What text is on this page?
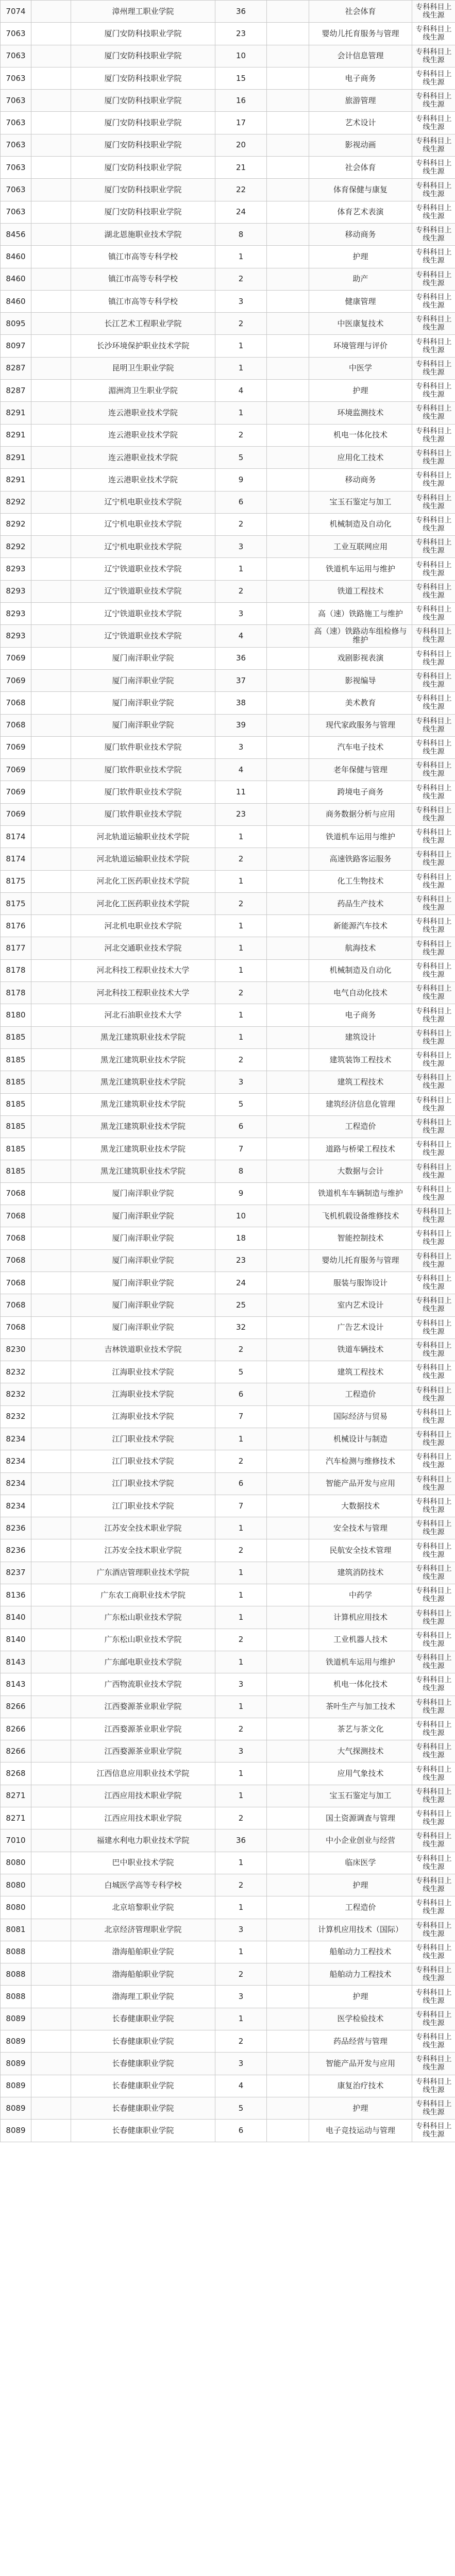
7074		漳州理工职业学院	36		社会体育	专科科目上线生源
7063		厦门安防科技职业学院	23		婴幼儿托育服务与管理	专科科目上线生源
7063		厦门安防科技职业学院	10		会计信息管理	专科科目上线生源
7063		厦门安防科技职业学院	15		电子商务	专科科目上线生源
7063		厦门安防科技职业学院	16		旅游管理	专科科目上线生源
7063		厦门安防科技职业学院	17		艺术设计	专科科目上线生源
7063		厦门安防科技职业学院	20		影视动画	专科科目上线生源
7063		厦门安防科技职业学院	21		社会体育	专科科目上线生源
7063		厦门安防科技职业学院	22		体育保健与康复	专科科目上线生源
7063		厦门安防科技职业学院	24		体育艺术表演	专科科目上线生源
8456		湖北恩施职业技术学院	8		移动商务	专科科目上线生源
8460		镇江市高等专科学校	1		护理	专科科目上线生源
8460		镇江市高等专科学校	2		助产	专科科目上线生源
8460		镇江市高等专科学校	3		健康管理	专科科目上线生源
8095		长江艺术工程职业学院	2		中医康复技术	专科科目上线生源
8097		长沙环境保护职业技术学院	1		环境管理与评价	专科科目上线生源
8287		昆明卫生职业学院	1		中医学	专科科目上线生源
8287		湄洲湾卫生职业学院	4		护理	专科科目上线生源
8291		连云港职业技术学院	1		环境监测技术	专科科目上线生源
8291		连云港职业技术学院	2		机电一体化技术	专科科目上线生源
8291		连云港职业技术学院	5		应用化工技术	专科科目上线生源
8291		连云港职业技术学院	9		移动商务	专科科目上线生源
8292		辽宁机电职业技术学院	6		宝玉石鉴定与加工	专科科目上线生源
8292		辽宁机电职业技术学院	2		机械制造及自动化	专科科目上线生源
8292		辽宁机电职业技术学院	3		工业互联网应用	专科科目上线生源
8293		辽宁铁道职业技术学院	1		铁道机车运用与维护	专科科目上线生源
8293		辽宁铁道职业技术学院	2		铁道工程技术	专科科目上线生源
8293		辽宁铁道职业技术学院	3		高（速）铁路施工与维护	专科科目上线生源
8293		辽宁铁道职业技术学院	4		高（速）铁路动车组检修与维护	专科科目上线生源
7069		厦门南洋职业学院	36		戏剧影视表演	专科科目上线生源
7069		厦门南洋职业学院	37		影视编导	专科科目上线生源
7068		厦门南洋职业学院	38		美术教育	专科科目上线生源
7068		厦门南洋职业学院	39		现代家政服务与管理	专科科目上线生源
7069		厦门软件职业技术学院	3		汽车电子技术	专科科目上线生源
7069		厦门软件职业技术学院	4		老年保健与管理	专科科目上线生源
7069		厦门软件职业技术学院	11		跨境电子商务	专科科目上线生源
7069		厦门软件职业技术学院	23		商务数据分析与应用	专科科目上线生源
8174		河北轨道运输职业技术学院	1		铁道机车运用与维护	专科科目上线生源
8174		河北轨道运输职业技术学院	2		高速铁路客运服务	专科科目上线生源
8175		河北化工医药职业技术学院	1		化工生物技术	专科科目上线生源
8175		河北化工医药职业技术学院	2		药品生产技术	专科科目上线生源
8176		河北机电职业技术学院	1		新能源汽车技术	专科科目上线生源
8177		河北交通职业技术学院	1		航海技术	专科科目上线生源
8178		河北科技工程职业技术大学	1		机械制造及自动化	专科科目上线生源
8178		河北科技工程职业技术大学	2		电气自动化技术	专科科目上线生源
8180		河北石油职业技术大学	1		电子商务	专科科目上线生源
8185		黑龙江建筑职业技术学院	1		建筑设计	专科科目上线生源
8185		黑龙江建筑职业技术学院	2		建筑装饰工程技术	专科科目上线生源
8185		黑龙江建筑职业技术学院	3		建筑工程技术	专科科目上线生源
8185		黑龙江建筑职业技术学院	5		建筑经济信息化管理	专科科目上线生源
8185		黑龙江建筑职业技术学院	6		工程造价	专科科目上线生源
8185		黑龙江建筑职业技术学院	7		道路与桥梁工程技术	专科科目上线生源
8185		黑龙江建筑职业技术学院	8		大数据与会计	专科科目上线生源
7068		厦门南洋职业学院	9		铁道机车车辆制造与维护	专科科目上线生源
7068		厦门南洋职业学院	10		飞机机载设备维修技术	专科科目上线生源
7068		厦门南洋职业学院	18		智能控制技术	专科科目上线生源
7068		厦门南洋职业学院	23		婴幼儿托育服务与管理	专科科目上线生源
7068		厦门南洋职业学院	24		服装与服饰设计	专科科目上线生源
7068		厦门南洋职业学院	25		室内艺术设计	专科科目上线生源
7068		厦门南洋职业学院	32		广告艺术设计	专科科目上线生源
8230		吉林铁道职业技术学院	2		铁道车辆技术	专科科目上线生源
8232		江海职业技术学院	5		建筑工程技术	专科科目上线生源
8232		江海职业技术学院	6		工程造价	专科科目上线生源
8232		江海职业技术学院	7		国际经济与贸易	专科科目上线生源
8234		江门职业技术学院	1		机械设计与制造	专科科目上线生源
8234		江门职业技术学院	2		汽车检测与维修技术	专科科目上线生源
8234		江门职业技术学院	6		智能产品开发与应用	专科科目上线生源
8234		江门职业技术学院	7		大数据技术	专科科目上线生源
8236		江苏安全技术职业学院	1		安全技术与管理	专科科目上线生源
8236		江苏安全技术职业学院	2		民航安全技术管理	专科科目上线生源
8237		广东酒店管理职业技术学院	1		建筑消防技术	专科科目上线生源
8136		广东农工商职业技术学院	1		中药学	专科科目上线生源
8140		广东松山职业技术学院	1		计算机应用技术	专科科目上线生源
8140		广东松山职业技术学院	2		工业机器人技术	专科科目上线生源
8143		广东邮电职业技术学院	1		铁道机车运用与维护	专科科目上线生源
8143		广西物流职业技术学院	3		机电一体化技术	专科科目上线生源
8266		江西婺源茶业职业学院	1		茶叶生产与加工技术	专科科目上线生源
8266		江西婺源茶业职业学院	2		茶艺与茶文化	专科科目上线生源
8266		江西婺源茶业职业学院	3		大气探测技术	专科科目上线生源
8268		江西信息应用职业技术学院	1		应用气象技术	专科科目上线生源
8271		江西应用技术职业学院	1		宝玉石鉴定与加工	专科科目上线生源
8271		江西应用技术职业学院	2		国土资源调查与管理	专科科目上线生源
7010		福建水利电力职业技术学院	36		中小企业创业与经营	专科科目上线生源
8080		巴中职业技术学院	1		临床医学	专科科目上线生源
8080		白城医学高等专科学校	2		护理	专科科目上线生源
8080		北京培黎职业学院	1		工程造价	专科科目上线生源
8081		北京经济管理职业学院	3		计算机应用技术（国际）	专科科目上线生源
8088		渤海船舶职业学院	1		船舶动力工程技术	专科科目上线生源
8088		渤海船舶职业学院	2		船舶动力工程技术	专科科目上线生源
8088		渤海理工职业学院	3		护理	专科科目上线生源
8089		长春健康职业学院	1		医学检验技术	专科科目上线生源
8089		长春健康职业学院	2		药品经营与管理	专科科目上线生源
8089		长春健康职业学院	3		智能产品开发与应用	专科科目上线生源
8089		长春健康职业学院	4		康复治疗技术	专科科目上线生源
8089		长春健康职业学院	5		护理	专科科目上线生源
8089		长春健康职业学院	6		电子竞技运动与管理	专科科目上线生源
